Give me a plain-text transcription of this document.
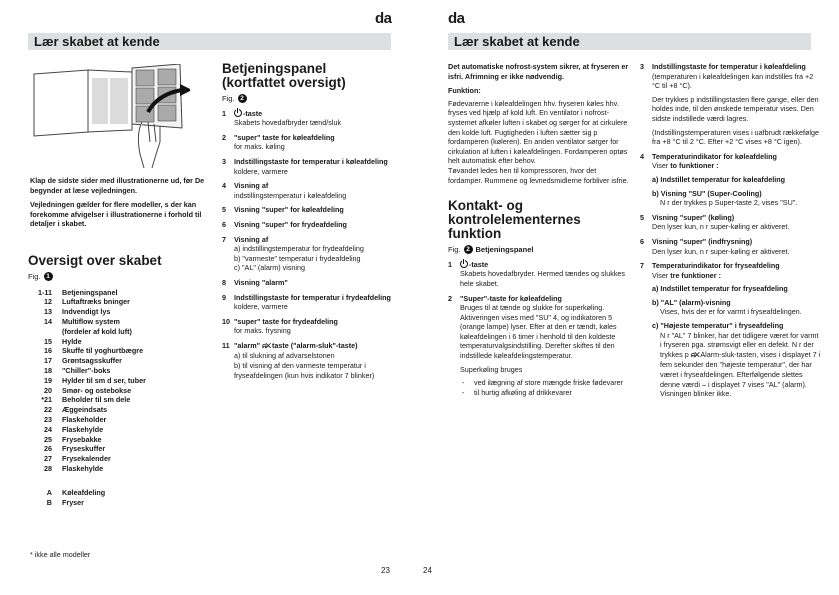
da
Lær skabet at kende
Klap de sidste sider med illustrationerne ud, før De begynder at læse vejledningen.
Vejledningen gælder for flere modeller, s der kan forekomme afvigelser i illustrationerne i forhold til detaljer i skabet.
Oversigt over skabet
Fig. 1
1-11	Betjeningspanel
12	Luftaftræks bninger
13	Indvendigt lys
14	Multiflow system
(fordeler af kold luft)
15	Hylde
16	Skuffe til yoghurtbægre
17	Grøntsagsskuffer
18	"Chiller"-boks
19	Hylder til sm d ser, tuber
20	Smør- og ostebokse
*21	Beholder til sm dele
22	Æggeindsats
23	Flaskeholder
24	Flaskehylde
25	Frysebakke
26	Fryseskuffer
27	Frysekalender
28	Flaskehylde
A	Køleafdeling
B	Fryser
Betjeningspanel
(kortfattet oversigt)
Fig. 2
1	-taste
Skabets hovedafbryder tænd/sluk
2	"super" taste for køleafdeling
for maks. køling
3	Indstillingstaste for temperatur i køleafdeling
koldere, varmere
4	Visning af
indstillingstemperatur i køleafdeling
5	Visning "super" for køleafdeling
6	Visning "super" for frydeafdeling
7	Visning af
a) indstillingstemperatur for frydeafdeling
b) "varmeste" temperatur i frydeafdeling
c) "AL" (alarm) visning
8	Visning "alarm"
9	Indstillingstaste for temperatur i frydeafdeling
koldere, varmere
10 "super" taste for frydeafdeling
for maks. frysning
11 "alarm" ⍾✕ taste ("alarm-sluk"-taste)
a) til slukning af advarselstonen
b) til visning af den varmeste temperatur i fryseafdelingen (kun hvis indikator 7 blinker)
* ikke alle modeller
23
da
Lær skabet at kende
Det automatiske nofrost-system sikrer, at fryseren er isfri. Afrimning er ikke nødvendig.
Funktion:
Fødevarerne i køleafdelingen hhv. fryseren køles hhv. fryses ved hjælp af kold luft. En ventilator i nofrost-systemet afkøler luften i skabet og sørger for at cirkulere den kolde luft. Fugtigheden i luften sætter sig p fordamperen (køleren). En anden ventilator sørger for cirkulation af luften i køleafdelingen. Fordamperen optøs helt automatisk efter behov.
Tøvandet ledes hen til kompressoren, hvor det fordamper. Rummene og levnedsmidlerne forbliver isfrie.
Kontakt- og kontrolelementernes funktion
Fig. 2 Betjeningspanel
1	-taste
Skabets hovedafbryder. Hermed tændes og slukkes hele skabet.
2	"Super"-taste for køleafdeling
Bruges til at tænde og slukke for superkøling. Aktiveringen vises med "SU" 4, og indikatoren 5 (orange lampe) lyser. Efter at den er tændt, køles køleafdelingen i 6 timer i henhold til den koldeste temperaturvalgsindstilling. Derefter skiftes til den indstillede køleafdelingstemperatur.
Superkøling bruges
-	ved ilægning af store mængde friske fødevarer
-	til hurtig afkøling af drikkevarer
3	Indstillingstaste for temperatur i køleafdeling
(temperaturen i køleafdelingen kan indstilles fra +2 °C til +8 °C).
Der trykkes p indstillingstasten flere gange, eller den holdes inde, til den ønskede temperatur vises. Den sidste indstillede værdi lagres.
(Indstillingstemperaturen vises i uafbrudt rækkefølge fra +8 °C til 2 °C. Efter +2 °C vises +8 °C igen).
4	Temperaturindikator for køleafdeling
Viser to funktioner :
a) Indstillet temperatur for køleafdeling
b) Visning "SU" (Super-Cooling)
N r der trykkes p Super-taste 2, vises "SU".
5	Visning "super" (køling)
Den lyser kun, n r super-køling er aktiveret.
6	Visning "super" (indfrysning)
Den lyser kun, n r super-køling er aktiveret.
7	Temperaturindikator for fryseafdeling
Viser tre funktioner :
a) Indstillet temperatur for fryseafdeling
b) "AL" (alarm)-visning
Vises, hvis der er for varmt i fryseafdelingen.
c) "Højeste temperatur" i fryseafdeling
N r "AL" 7 blinker, har det tidligere været for varmt i fryseren pga. strømsvigt eller en defekt. N r der trykkes p ⍾✕ Alarm-sluk-tasten, vises i displayet 7 i fem sekunder den "højeste temperatur", der har været i fryseafdelingen. Efterfølgende slettes denne værdi – i displayet 7 vises "AL" (alarm). Visningen blinker ikke.
24
